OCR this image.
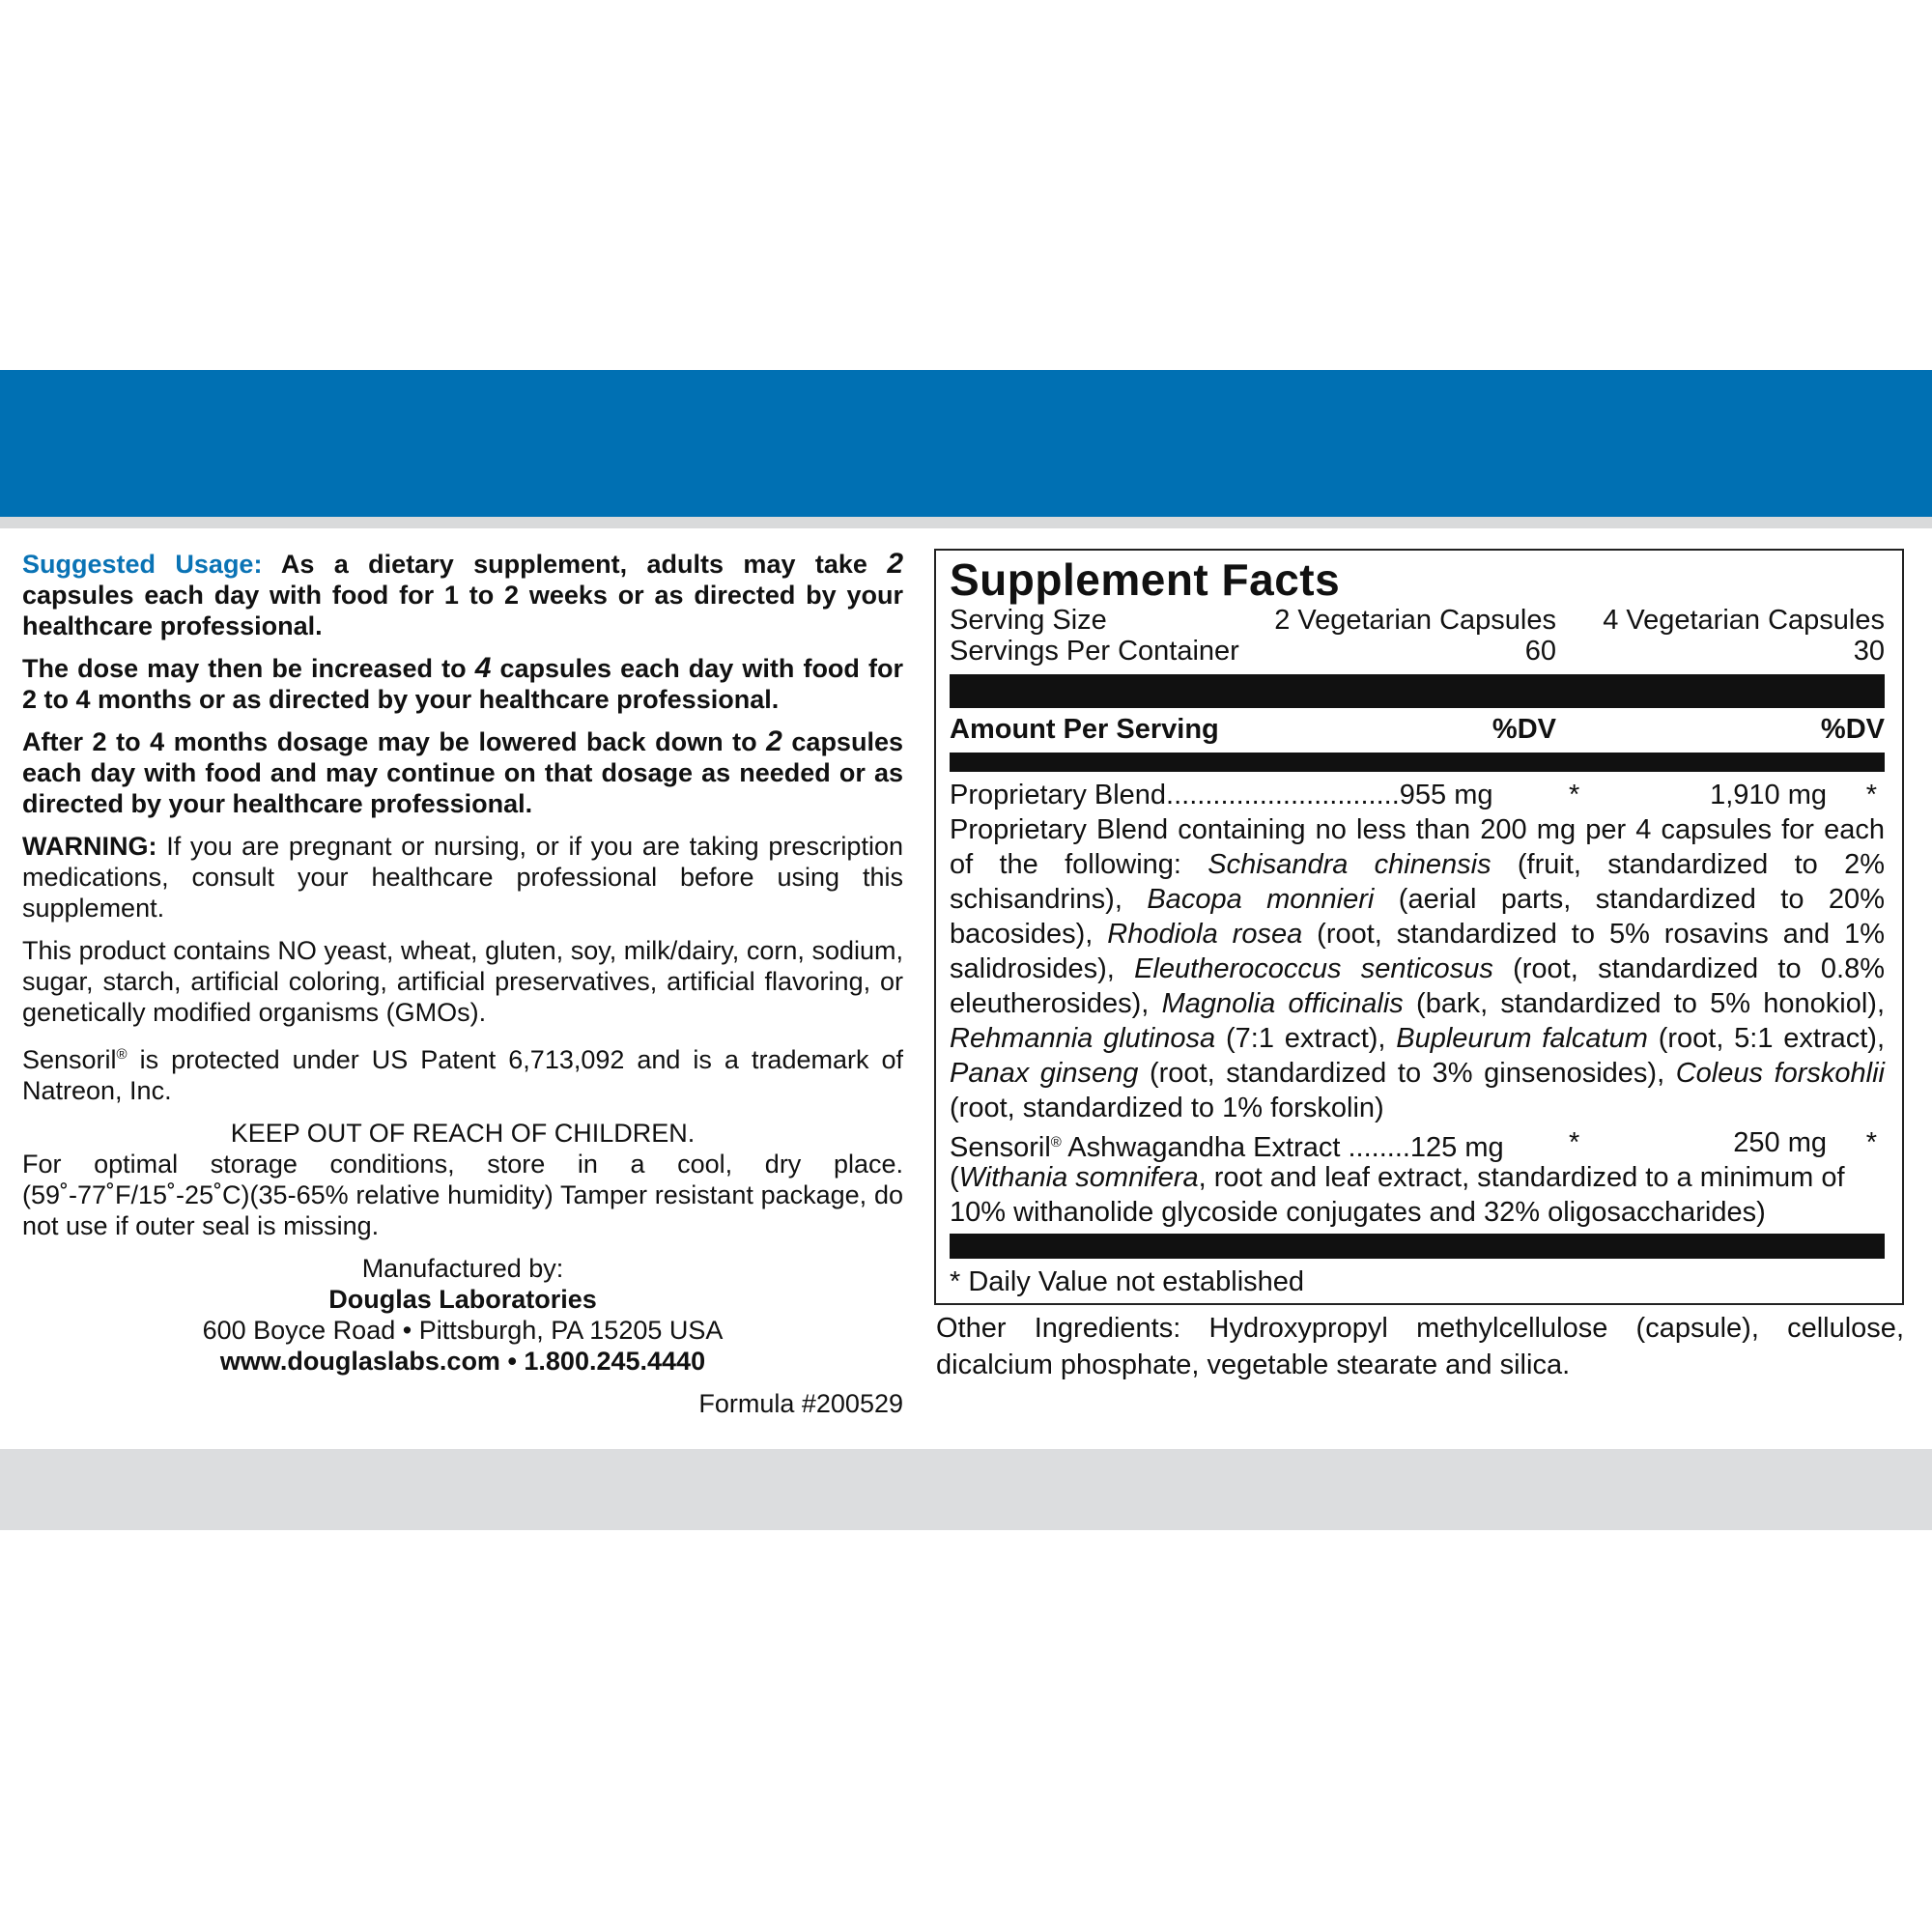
Suggested Usage: As a dietary supplement, adults may take 2 capsules each day with food for 1 to 2 weeks or as directed by your healthcare professional.

The dose may then be increased to 4 capsules each day with food for 2 to 4 months or as directed by your healthcare professional.

After 2 to 4 months dosage may be lowered back down to 2 capsules each day with food and may continue on that dosage as needed or as directed by your healthcare professional.

WARNING: If you are pregnant or nursing, or if you are taking prescription medications, consult your healthcare professional before using this supplement.

This product contains NO yeast, wheat, gluten, soy, milk/dairy, corn, sodium, sugar, starch, artificial coloring, artificial preservatives, artificial flavoring, or genetically modified organisms (GMOs).

Sensoril® is protected under US Patent 6,713,092 and is a trademark of Natreon, Inc.

KEEP OUT OF REACH OF CHILDREN.

For optimal storage conditions, store in a cool, dry place. (59˚-77˚F/15˚-25˚C)(35-65% relative humidity) Tamper resistant package, do not use if outer seal is missing.

Manufactured by:
Douglas Laboratories
600 Boyce Road • Pittsburgh, PA 15205 USA
www.douglaslabs.com • 1.800.245.4440
Formula #200529
Supplement Facts
Serving Size	2 Vegetarian Capsules 4 Vegetarian Capsules
Servings Per Container	60	30
Amount Per Serving	%DV	%DV
Proprietary Blend..............................955 mg	*	1,910 mg *
Proprietary Blend containing no less than 200 mg per 4 capsules for each of the following: Schisandra chinensis (fruit, standardized to 2% schisandrins), Bacopa monnieri (aerial parts, standardized to 20% bacosides), Rhodiola rosea (root, standardized to 5% rosavins and 1% salidrosides), Eleutherococcus senticosus (root, standardized to 0.8% eleutherosides), Magnolia officinalis (bark, standardized to 5% honokiol), Rehmannia glutinosa (7:1 extract), Bupleurum falcatum (root, 5:1 extract), Panax ginseng (root, standardized to 3% ginsenosides), Coleus forskohlii (root, standardized to 1% forskolin)
Sensoril® Ashwagandha Extract ........125 mg *	250 mg *
(Withania somnifera, root and leaf extract, standardized to a minimum of 10% withanolide glycoside conjugates and 32% oligosaccharides)
* Daily Value not established
Other Ingredients: Hydroxypropyl methylcellulose (capsule), cellulose, dicalcium phosphate, vegetable stearate and silica.
